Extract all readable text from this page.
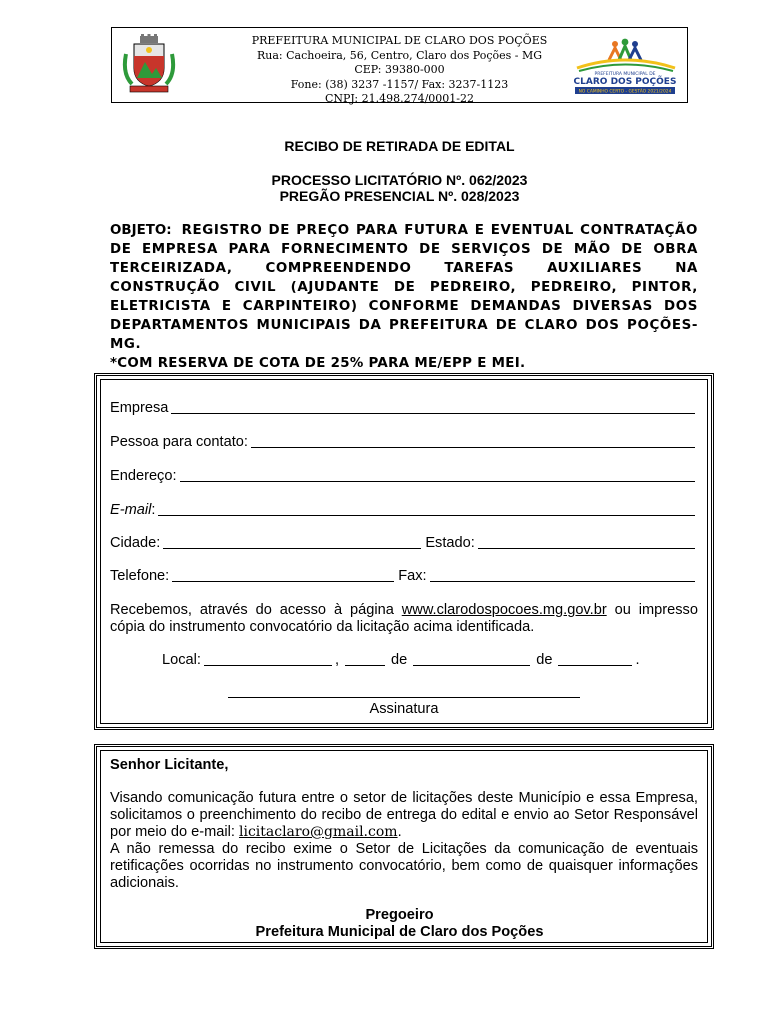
PREFEITURA MUNICIPAL DE CLARO DOS POÇÕES
Rua: Cachoeira, 56, Centro, Claro dos Poções - MG
CEP: 39380-000
Fone: (38) 3237 -1157/ Fax: 3237-1123
CNPJ: 21.498.274/0001-22
PREFEITURA MUNICIPAL DE
CLARO DOS POÇÕES
NO CAMINHO CERTO - GESTÃO 2021/2024
RECIBO DE RETIRADA DE EDITAL
PROCESSO LICITATÓRIO Nº. 062/2023
PREGÃO PRESENCIAL Nº. 028/2023
OBJETO: REGISTRO DE PREÇO PARA FUTURA E EVENTUAL CONTRATAÇÃO DE EMPRESA PARA FORNECIMENTO DE SERVIÇOS DE MÃO DE OBRA TERCEIRIZADA, COMPREENDENDO TAREFAS AUXILIARES NA CONSTRUÇÃO CIVIL (AJUDANTE DE PEDREIRO, PEDREIRO, PINTOR, ELETRICISTA E CARPINTEIRO) CONFORME DEMANDAS DIVERSAS DOS DEPARTAMENTOS MUNICIPAIS DA PREFEITURA DE CLARO DOS POÇÕES-MG.
*COM RESERVA DE COTA DE 25% PARA ME/EPP E MEI.
Empresa
Pessoa para contato:
Endereço:
E-mail :
Cidade:	Estado:
Telefone:	Fax:
Recebemos, através do acesso à página www.clarodospocoes.mg.gov.br ou impresso cópia do instrumento convocatório da licitação acima identificada.
Local:	,	de	de	.
Assinatura
Senhor Licitante,
Visando comunicação futura entre o setor de licitações deste Município e essa Empresa, solicitamos o preenchimento do recibo de entrega do edital e envio ao Setor Responsável por meio do e-mail: licitaclaro@gmail.com.
A não remessa do recibo exime o Setor de Licitações da comunicação de eventuais retificações ocorridas no instrumento convocatório, bem como de quaisquer informações adicionais.
Pregoeiro
Prefeitura Municipal de Claro dos Poções
